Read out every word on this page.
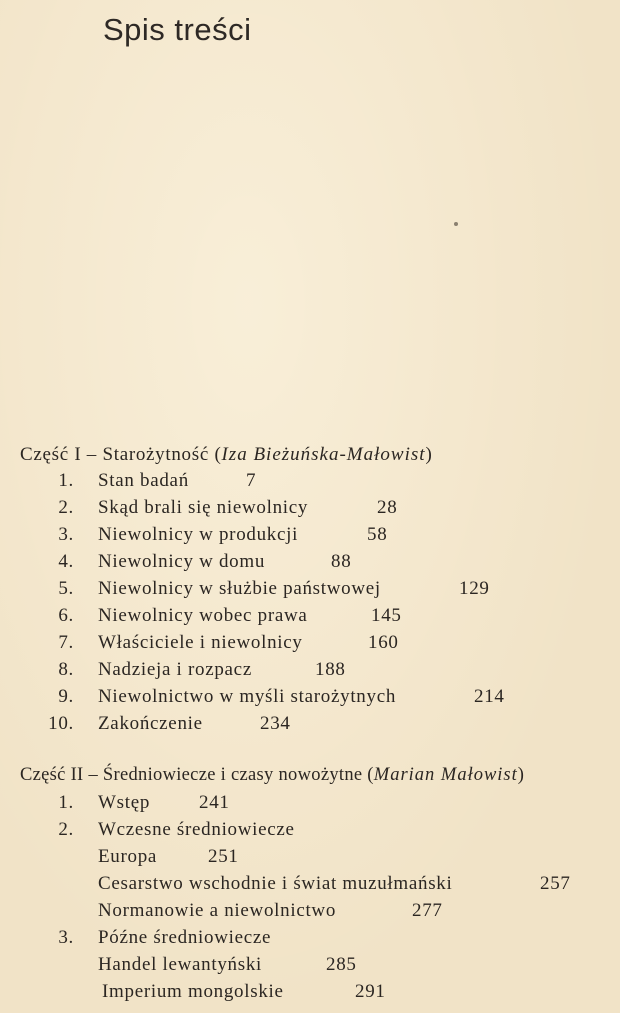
Spis treści
Część I – Starożytność (Iza Bieżuńska-Małowist)
1. Stan badań	7
2. Skąd brali się niewolnicy	28
3. Niewolnicy w produkcji	58
4. Niewolnicy w domu	88
5. Niewolnicy w służbie państwowej	129
6. Niewolnicy wobec prawa	145
7. Właściciele i niewolnicy	160
8. Nadzieja i rozpacz	188
9. Niewolnictwo w myśli starożytnych	214
10. Zakończenie	234
Część II – Średniowiecze i czasy nowożytne (Marian Małowist)
1. Wstęp	241
2. Wczesne średniowiecze
Europa	251
Cesarstwo wschodnie i świat muzułmański	257
Normanowie a niewolnictwo	277
3. Późne średniowiecze
Handel lewantyński	285
Imperium mongolskie	291
